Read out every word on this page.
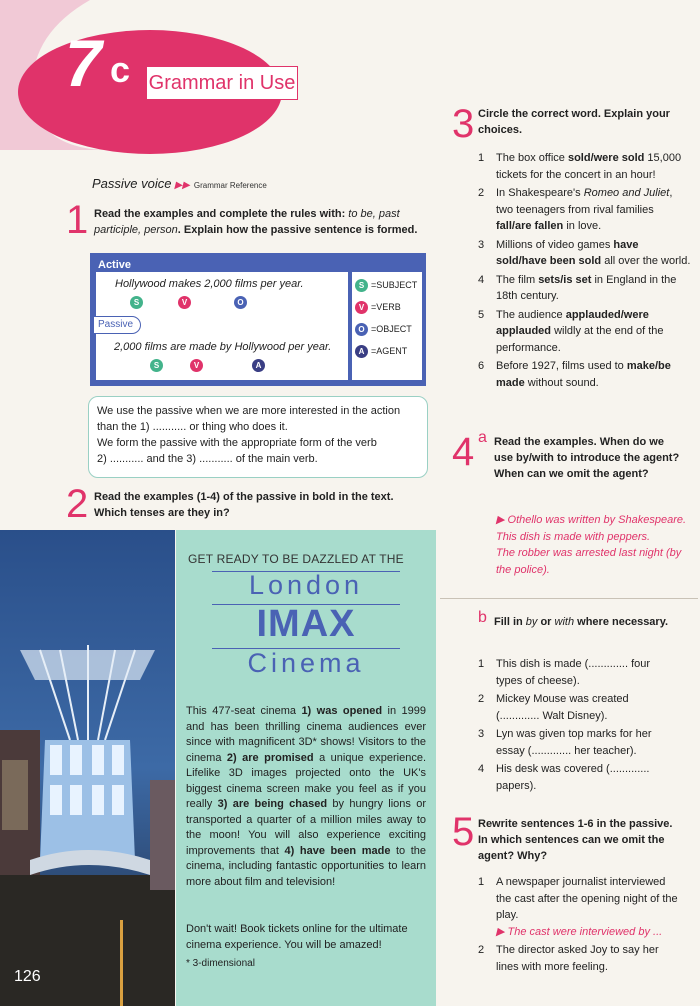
7 c Grammar in Use
Passive voice ▶▶ Grammar Reference
1 Read the examples and complete the rules with: to be, past participle, person. Explain how the passive sentence is formed.
Active
Hollywood makes 2,000 films per year.
S	V	O
Passive
2,000 films are made by Hollywood per year.
S	V	A
S =SUBJECT
V =VERB
O =OBJECT
A =AGENT
We use the passive when we are more interested in the action
than the 1) ........... or thing who does it.
We form the passive with the appropriate form of the verb
2) ........... and the 3) ........... of the main verb.
2 Read the examples (1-4) of the passive in bold in the text. Which tenses are they in?
126
GET READY TO BE DAZZLED AT THE
London
IMAX
Cinema
This 477-seat cinema 1) was opened in 1999 and has been thrilling cinema audiences ever since with magnificent 3D* shows! Visitors to the cinema 2) are promised a unique experience. Lifelike 3D images projected onto the UK's biggest cinema screen make you feel as if you really 3) are being chased by hungry lions or transported a quarter of a million miles away to the moon! You will also experience exciting improvements that 4) have been made to the cinema, including fantastic opportunities to learn more about film and television!
Don't wait! Book tickets online for the ultimate cinema experience. You will be amazed!
* 3-dimensional
3 Circle the correct word. Explain your choices.
1 The box office sold/were sold 15,000 tickets for the concert in an hour!
2 In Shakespeare's Romeo and Juliet, two teenagers from rival families fall/are fallen in love.
3 Millions of video games have sold/have been sold all over the world.
4 The film sets/is set in England in the 18th century.
5 The audience applauded/were applauded wildly at the end of the performance.
6 Before 1927, films used to make/be made without sound.
4 a Read the examples. When do we use by/with to introduce the agent? When can we omit the agent?
▶ Othello was written by Shakespeare.
This dish is made with peppers.
The robber was arrested last night (by the police).
b Fill in by or with where necessary.
1 This dish is made (............. four types of cheese).
2 Mickey Mouse was created (............. Walt Disney).
3 Lyn was given top marks for her essay (............. her teacher).
4 His desk was covered (............. papers).
5 Rewrite sentences 1-6 in the passive. In which sentences can we omit the agent? Why?
1 A newspaper journalist interviewed the cast after the opening night of the play.
▶ The cast were interviewed by ...
2 The director asked Joy to say her lines with more feeling.
